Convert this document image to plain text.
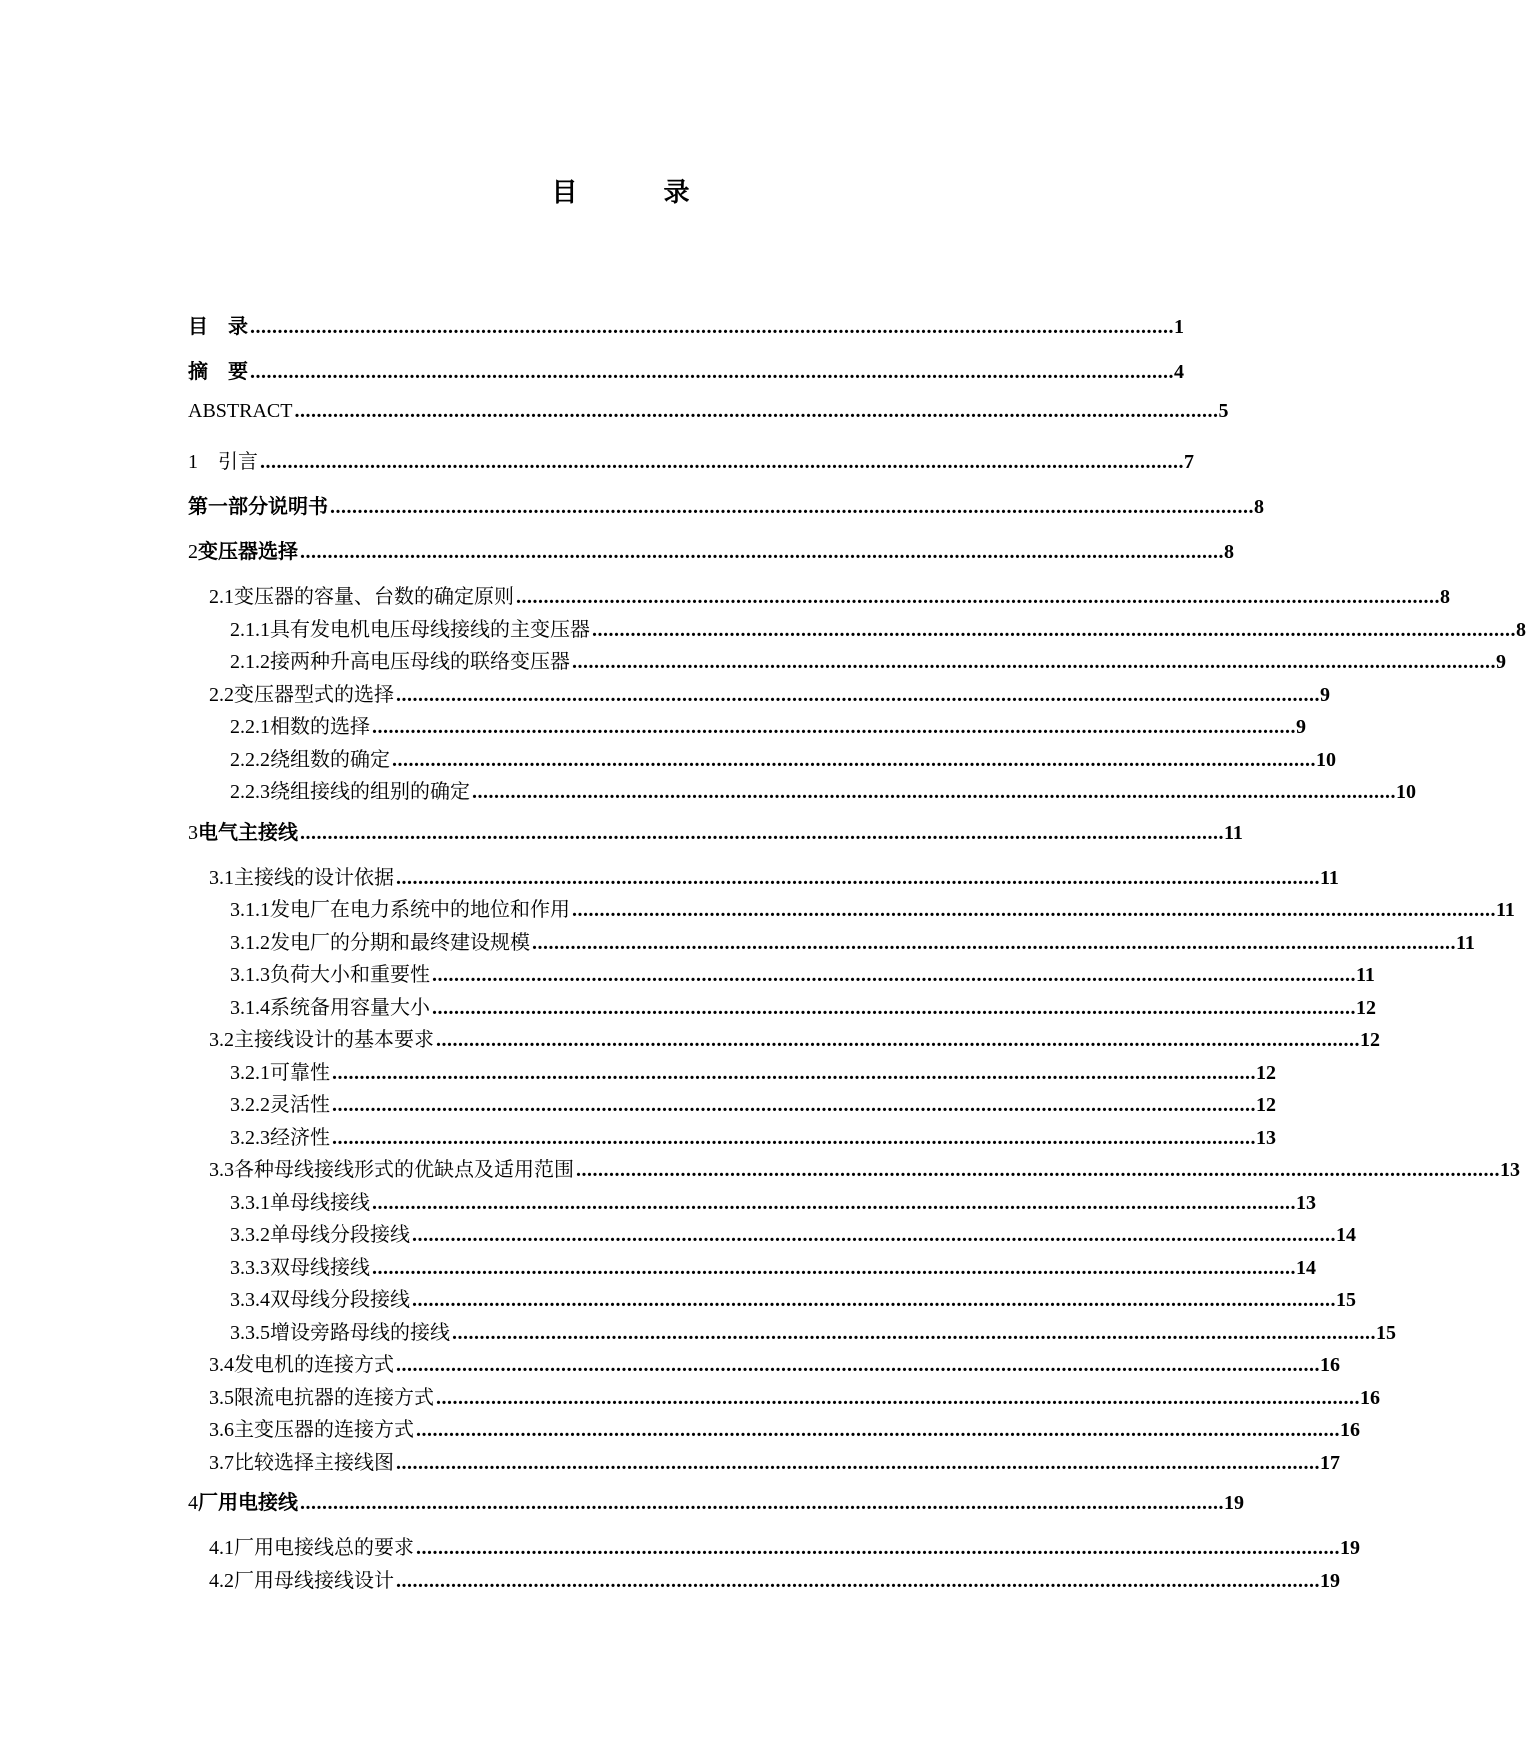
目　录
目　录 ........................................................................................................................................................................ 1
摘　要 ........................................................................................................................................................................ 4
ABSTRACT ........................................................................................................................................................................ 5
1 　引言 ........................................................................................................................................................................ 7
第一部分说明书 ........................................................................................................................................................................ 8
2 变压器选择 ........................................................................................................................................................................ 8
2.1 变压器的容量、台数的确定原则 ........................................................................................................................................................................ 8
2.1.1 具有发电机电压母线接线的主变压器 ........................................................................................................................................................................ 8
2.1.2 接两种升高电压母线的联络变压器 ........................................................................................................................................................................ 9
2.2 变压器型式的选择 ........................................................................................................................................................................ 9
2.2.1 相数的选择 ........................................................................................................................................................................ 9
2.2.2 绕组数的确定 ........................................................................................................................................................................ 10
2.2.3 绕组接线的组别的确定 ........................................................................................................................................................................ 10
3 电气主接线 ........................................................................................................................................................................ 11
3.1 主接线的设计依据 ........................................................................................................................................................................ 11
3.1.1 发电厂在电力系统中的地位和作用 ........................................................................................................................................................................ 11
3.1.2 发电厂的分期和最终建设规模 ........................................................................................................................................................................ 11
3.1.3 负荷大小和重要性 ........................................................................................................................................................................ 11
3.1.4 系统备用容量大小 ........................................................................................................................................................................ 12
3.2 主接线设计的基本要求 ........................................................................................................................................................................ 12
3.2.1 可靠性 ........................................................................................................................................................................ 12
3.2.2 灵活性 ........................................................................................................................................................................ 12
3.2.3 经济性 ........................................................................................................................................................................ 13
3.3 各种母线接线形式的优缺点及适用范围 ........................................................................................................................................................................ 13
3.3.1 单母线接线 ........................................................................................................................................................................ 13
3.3.2 单母线分段接线 ........................................................................................................................................................................ 14
3.3.3 双母线接线 ........................................................................................................................................................................ 14
3.3.4 双母线分段接线 ........................................................................................................................................................................ 15
3.3.5 增设旁路母线的接线 ........................................................................................................................................................................ 15
3.4 发电机的连接方式 ........................................................................................................................................................................ 16
3.5 限流电抗器的连接方式 ........................................................................................................................................................................ 16
3.6 主变压器的连接方式 ........................................................................................................................................................................ 16
3.7 比较选择主接线图 ........................................................................................................................................................................ 17
4 厂用电接线 ........................................................................................................................................................................ 19
4.1 厂用电接线总的要求 ........................................................................................................................................................................ 19
4.2 厂用母线接线设计 ........................................................................................................................................................................ 19
